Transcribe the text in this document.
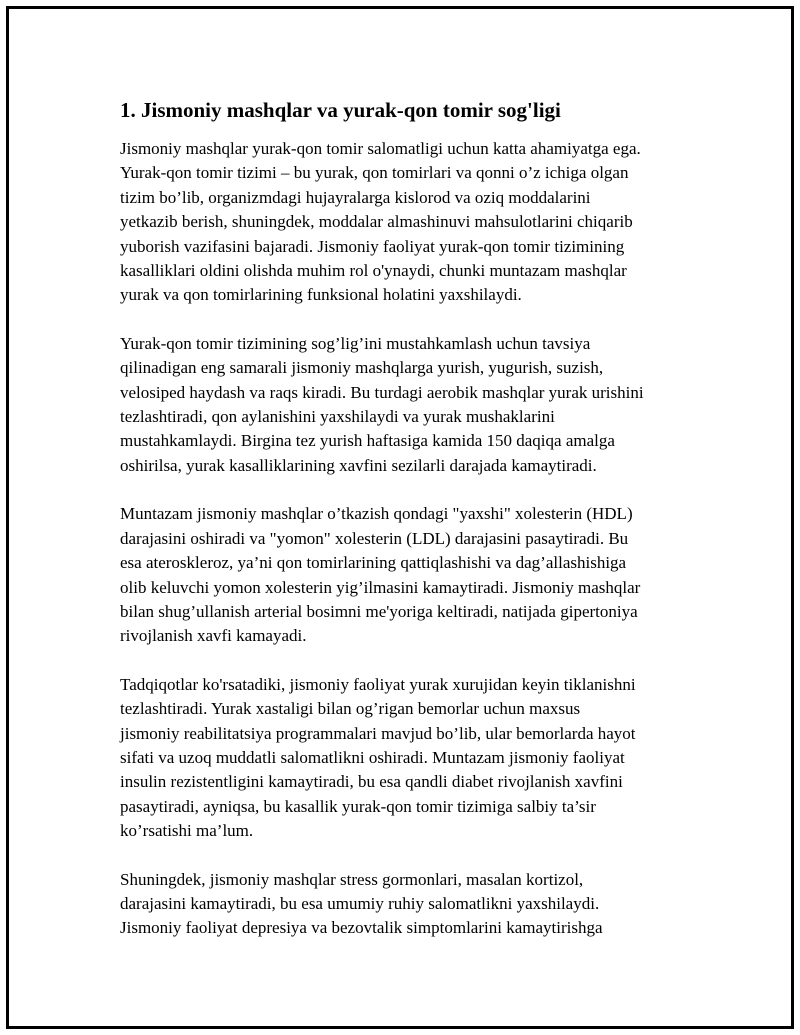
1. Jismoniy mashqlar va yurak-qon tomir sog'ligi

Jismoniy mashqlar yurak-qon tomir salomatligi uchun katta ahamiyatga ega.
Yurak-qon tomir tizimi – bu yurak, qon tomirlari va qonni o’z ichiga olgan
tizim bo’lib, organizmdagi hujayralarga kislorod va oziq moddalarini
yetkazib berish, shuningdek, moddalar almashinuvi mahsulotlarini chiqarib
yuborish vazifasini bajaradi. Jismoniy faoliyat yurak-qon tomir tizimining
kasalliklari oldini olishda muhim rol o'ynaydi, chunki muntazam mashqlar
yurak va qon tomirlarining funksional holatini yaxshilaydi.

Yurak-qon tomir tizimining sog’lig’ini mustahkamlash uchun tavsiya
qilinadigan eng samarali jismoniy mashqlarga yurish, yugurish, suzish,
velosiped haydash va raqs kiradi. Bu turdagi aerobik mashqlar yurak urishini
tezlashtiradi, qon aylanishini yaxshilaydi va yurak mushaklarini
mustahkamlaydi. Birgina tez yurish haftasiga kamida 150 daqiqa amalga
oshirilsa, yurak kasalliklarining xavfini sezilarli darajada kamaytiradi.

Muntazam jismoniy mashqlar o’tkazish qondagi "yaxshi" xolesterin (HDL)
darajasini oshiradi va "yomon" xolesterin (LDL) darajasini pasaytiradi. Bu
esa ateroskleroz, ya’ni qon tomirlarining qattiqlashishi va dag’allashishiga
olib keluvchi yomon xolesterin yig’ilmasini kamaytiradi. Jismoniy mashqlar
bilan shug’ullanish arterial bosimni me'yoriga keltiradi, natijada gipertoniya
rivojlanish xavfi kamayadi.

Tadqiqotlar ko'rsatadiki, jismoniy faoliyat yurak xurujidan keyin tiklanishni
tezlashtiradi. Yurak xastaligi bilan og’rigan bemorlar uchun maxsus
jismoniy reabilitatsiya programmalari mavjud bo’lib, ular bemorlarda hayot
sifati va uzoq muddatli salomatlikni oshiradi. Muntazam jismoniy faoliyat
insulin rezistentligini kamaytiradi, bu esa qandli diabet rivojlanish xavfini
pasaytiradi, ayniqsa, bu kasallik yurak-qon tomir tizimiga salbiy ta’sir
ko’rsatishi ma’lum.

Shuningdek, jismoniy mashqlar stress gormonlari, masalan kortizol,
darajasini kamaytiradi, bu esa umumiy ruhiy salomatlikni yaxshilaydi.
Jismoniy faoliyat depresiya va bezovtalik simptomlarini kamaytirishga
